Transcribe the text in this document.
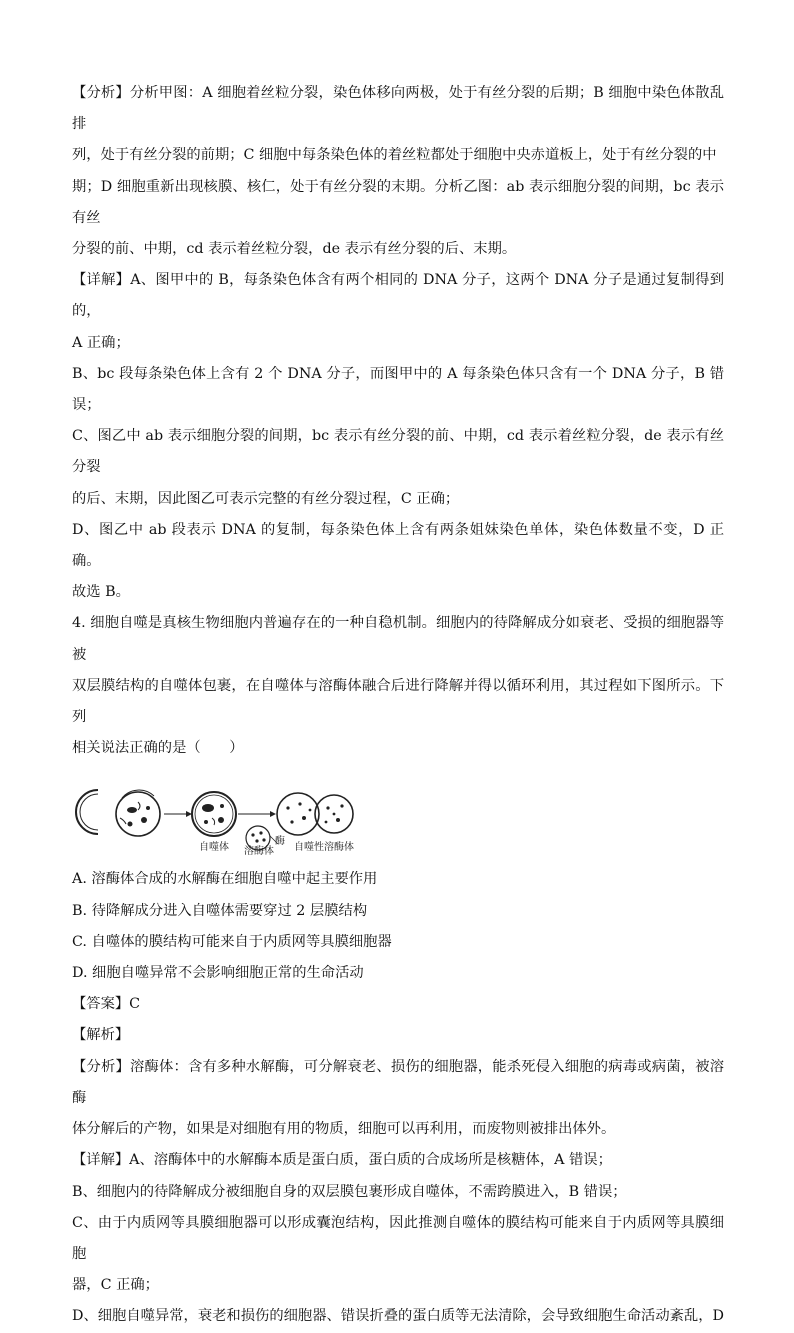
【分析】分析甲图：A 细胞着丝粒分裂，染色体移向两极，处于有丝分裂的后期；B 细胞中染色体散乱排

列，处于有丝分裂的前期；C 细胞中每条染色体的着丝粒都处于细胞中央赤道板上，处于有丝分裂的中

期；D 细胞重新出现核膜、核仁，处于有丝分裂的末期。分析乙图：ab 表示细胞分裂的间期，bc 表示有丝

分裂的前、中期，cd 表示着丝粒分裂，de 表示有丝分裂的后、末期。

【详解】A、图甲中的 B，每条染色体含有两个相同的 DNA 分子，这两个 DNA 分子是通过复制得到的，

A 正确；

B、bc 段每条染色体上含有 2 个 DNA 分子，而图甲中的 A 每条染色体只含有一个 DNA 分子，B 错误；

C、图乙中 ab 表示细胞分裂的间期，bc 表示有丝分裂的前、中期，cd 表示着丝粒分裂，de 表示有丝分裂

的后、末期，因此图乙可表示完整的有丝分裂过程，C 正确；

D、图乙中 ab 段表示 DNA 的复制，每条染色体上含有两条姐妹染色单体，染色体数量不变，D 正确。

故选 B。

4. 细胞自噬是真核生物细胞内普遍存在的一种自稳机制。细胞内的待降解成分如衰老、受损的细胞器等被

双层膜结构的自噬体包裹，在自噬体与溶酶体融合后进行降解并得以循环利用，其过程如下图所示。下列

相关说法正确的是（　　）

自噬体 溶酶体
酶
自噬性溶酶体

A. 溶酶体合成的水解酶在细胞自噬中起主要作用

B. 待降解成分进入自噬体需要穿过 2 层膜结构

C. 自噬体的膜结构可能来自于内质网等具膜细胞器

D. 细胞自噬异常不会影响细胞正常的生命活动

【答案】C

【解析】

【分析】溶酶体：含有多种水解酶，可分解衰老、损伤的细胞器，能杀死侵入细胞的病毒或病菌，被溶酶

体分解后的产物，如果是对细胞有用的物质，细胞可以再利用，而废物则被排出体外。

【详解】A、溶酶体中的水解酶本质是蛋白质，蛋白质的合成场所是核糖体，A 错误；

B、细胞内的待降解成分被细胞自身的双层膜包裹形成自噬体，不需跨膜进入，B 错误；

C、由于内质网等具膜细胞器可以形成囊泡结构，因此推测自噬体的膜结构可能来自于内质网等具膜细胞

器，C 正确；

D、细胞自噬异常，衰老和损伤的细胞器、错误折叠的蛋白质等无法清除，会导致细胞生命活动紊乱，D
